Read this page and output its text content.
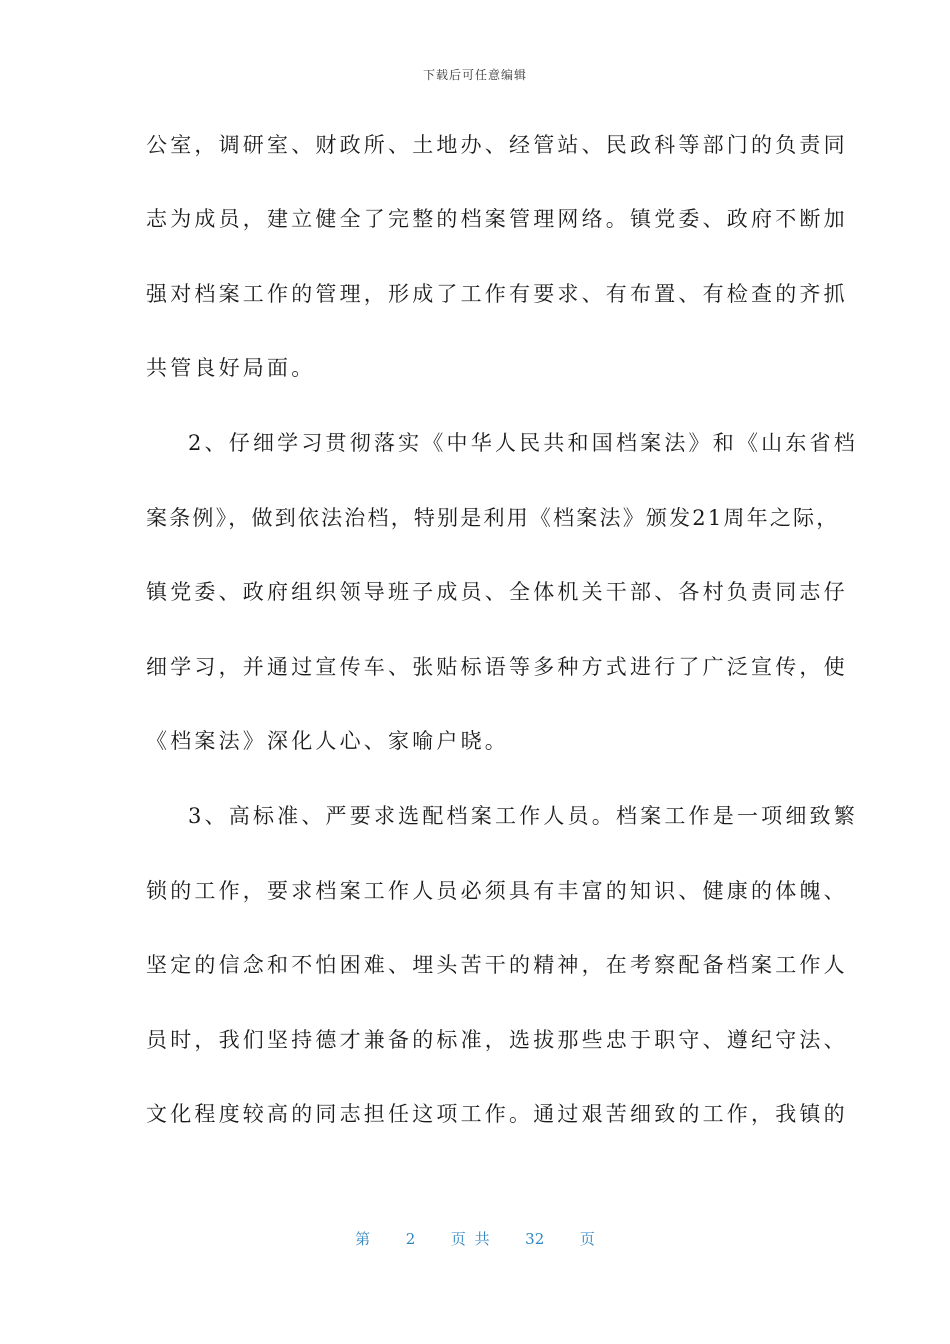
下载后可任意编辑
公室，调研室、财政所、土地办、经管站、民政科等部门的负责同
志为成员，建立健全了完整的档案管理网络。镇党委、政府不断加
强对档案工作的管理，形成了工作有要求、有布置、有检查的齐抓
共管良好局面。
2、仔细学习贯彻落实《中华人民共和国档案法》和《山东省档
案条例》，做到依法治档，特别是利用《档案法》颁发21周年之际，
镇党委、政府组织领导班子成员、全体机关干部、各村负责同志仔
细学习，并通过宣传车、张贴标语等多种方式进行了广泛宣传，使
《档案法》深化人心、家喻户晓。
3、高标准、严要求选配档案工作人员。档案工作是一项细致繁
锁的工作，要求档案工作人员必须具有丰富的知识、健康的体魄、
坚定的信念和不怕困难、埋头苦干的精神，在考察配备档案工作人
员时，我们坚持德才兼备的标准，选拔那些忠于职守、遵纪守法、
文化程度较高的同志担任这项工作。通过艰苦细致的工作，我镇的
第 2 页 共 32 页
